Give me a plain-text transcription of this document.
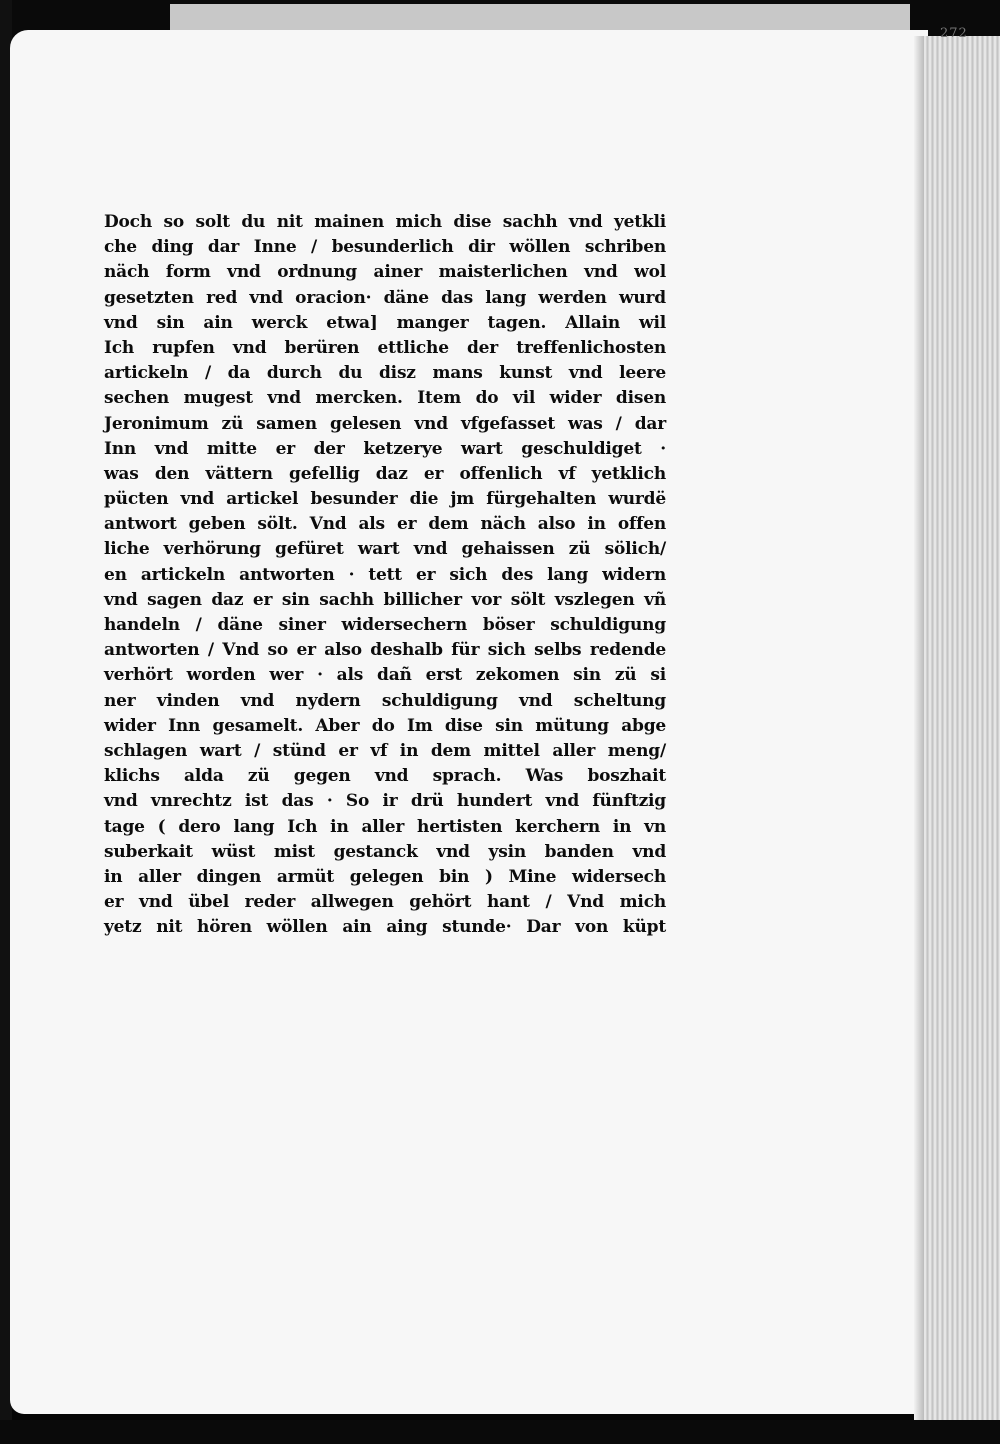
272
Doch so solt du nit mainen mich dise sachh vnd yetkli
che ding dar Inne / besunderlich dir wöllen schriben
näch form vnd ordnung ainer maisterlichen vnd wol
gesetzten red vnd oracion· däne das lang werden wurd
vnd sin ain werck etwa] manger tagen. Allain wil
Ich rupfen vnd berüren ettliche der treffenlichosten
artickeln / da durch du disz mans kunst vnd leere
sechen mugest vnd mercken. Item do vil wider disen
Jeronimum zü samen gelesen vnd vfgefasset was / dar
Inn vnd mitte er der ketzerye wart geschuldiget ·
was den vättern gefellig daz er offenlich vf yetklich
pücten vnd artickel besunder die jm fürgehalten wurdë
antwort geben sölt. Vnd als er dem näch also in offen
liche verhörung gefüret wart vnd gehaissen zü sölich/
en artickeln antworten · tett er sich des lang widern
vnd sagen daz er sin sachh billicher vor sölt vszlegen vñ
handeln / däne siner widersechern böser schuldigung
antworten / Vnd so er also deshalb für sich selbs redende
verhört worden wer · als dañ erst zekomen sin zü si
ner vinden vnd nydern schuldigung vnd scheltung
wider Inn gesamelt. Aber do Im dise sin mütung abge
schlagen wart / stünd er vf in dem mittel aller meng/
klichs alda zü gegen vnd sprach. Was boszhait
vnd vnrechtz ist das · So ir drü hundert vnd fünftzig
tage ( dero lang Ich in aller hertisten kerchern in vn
suberkait wüst mist gestanck vnd ysin banden vnd
in aller dingen armüt gelegen bin ) Mine widersech
er vnd übel reder allwegen gehört hant / Vnd mich
yetz nit hören wöllen ain aing stunde· Dar von küpt
